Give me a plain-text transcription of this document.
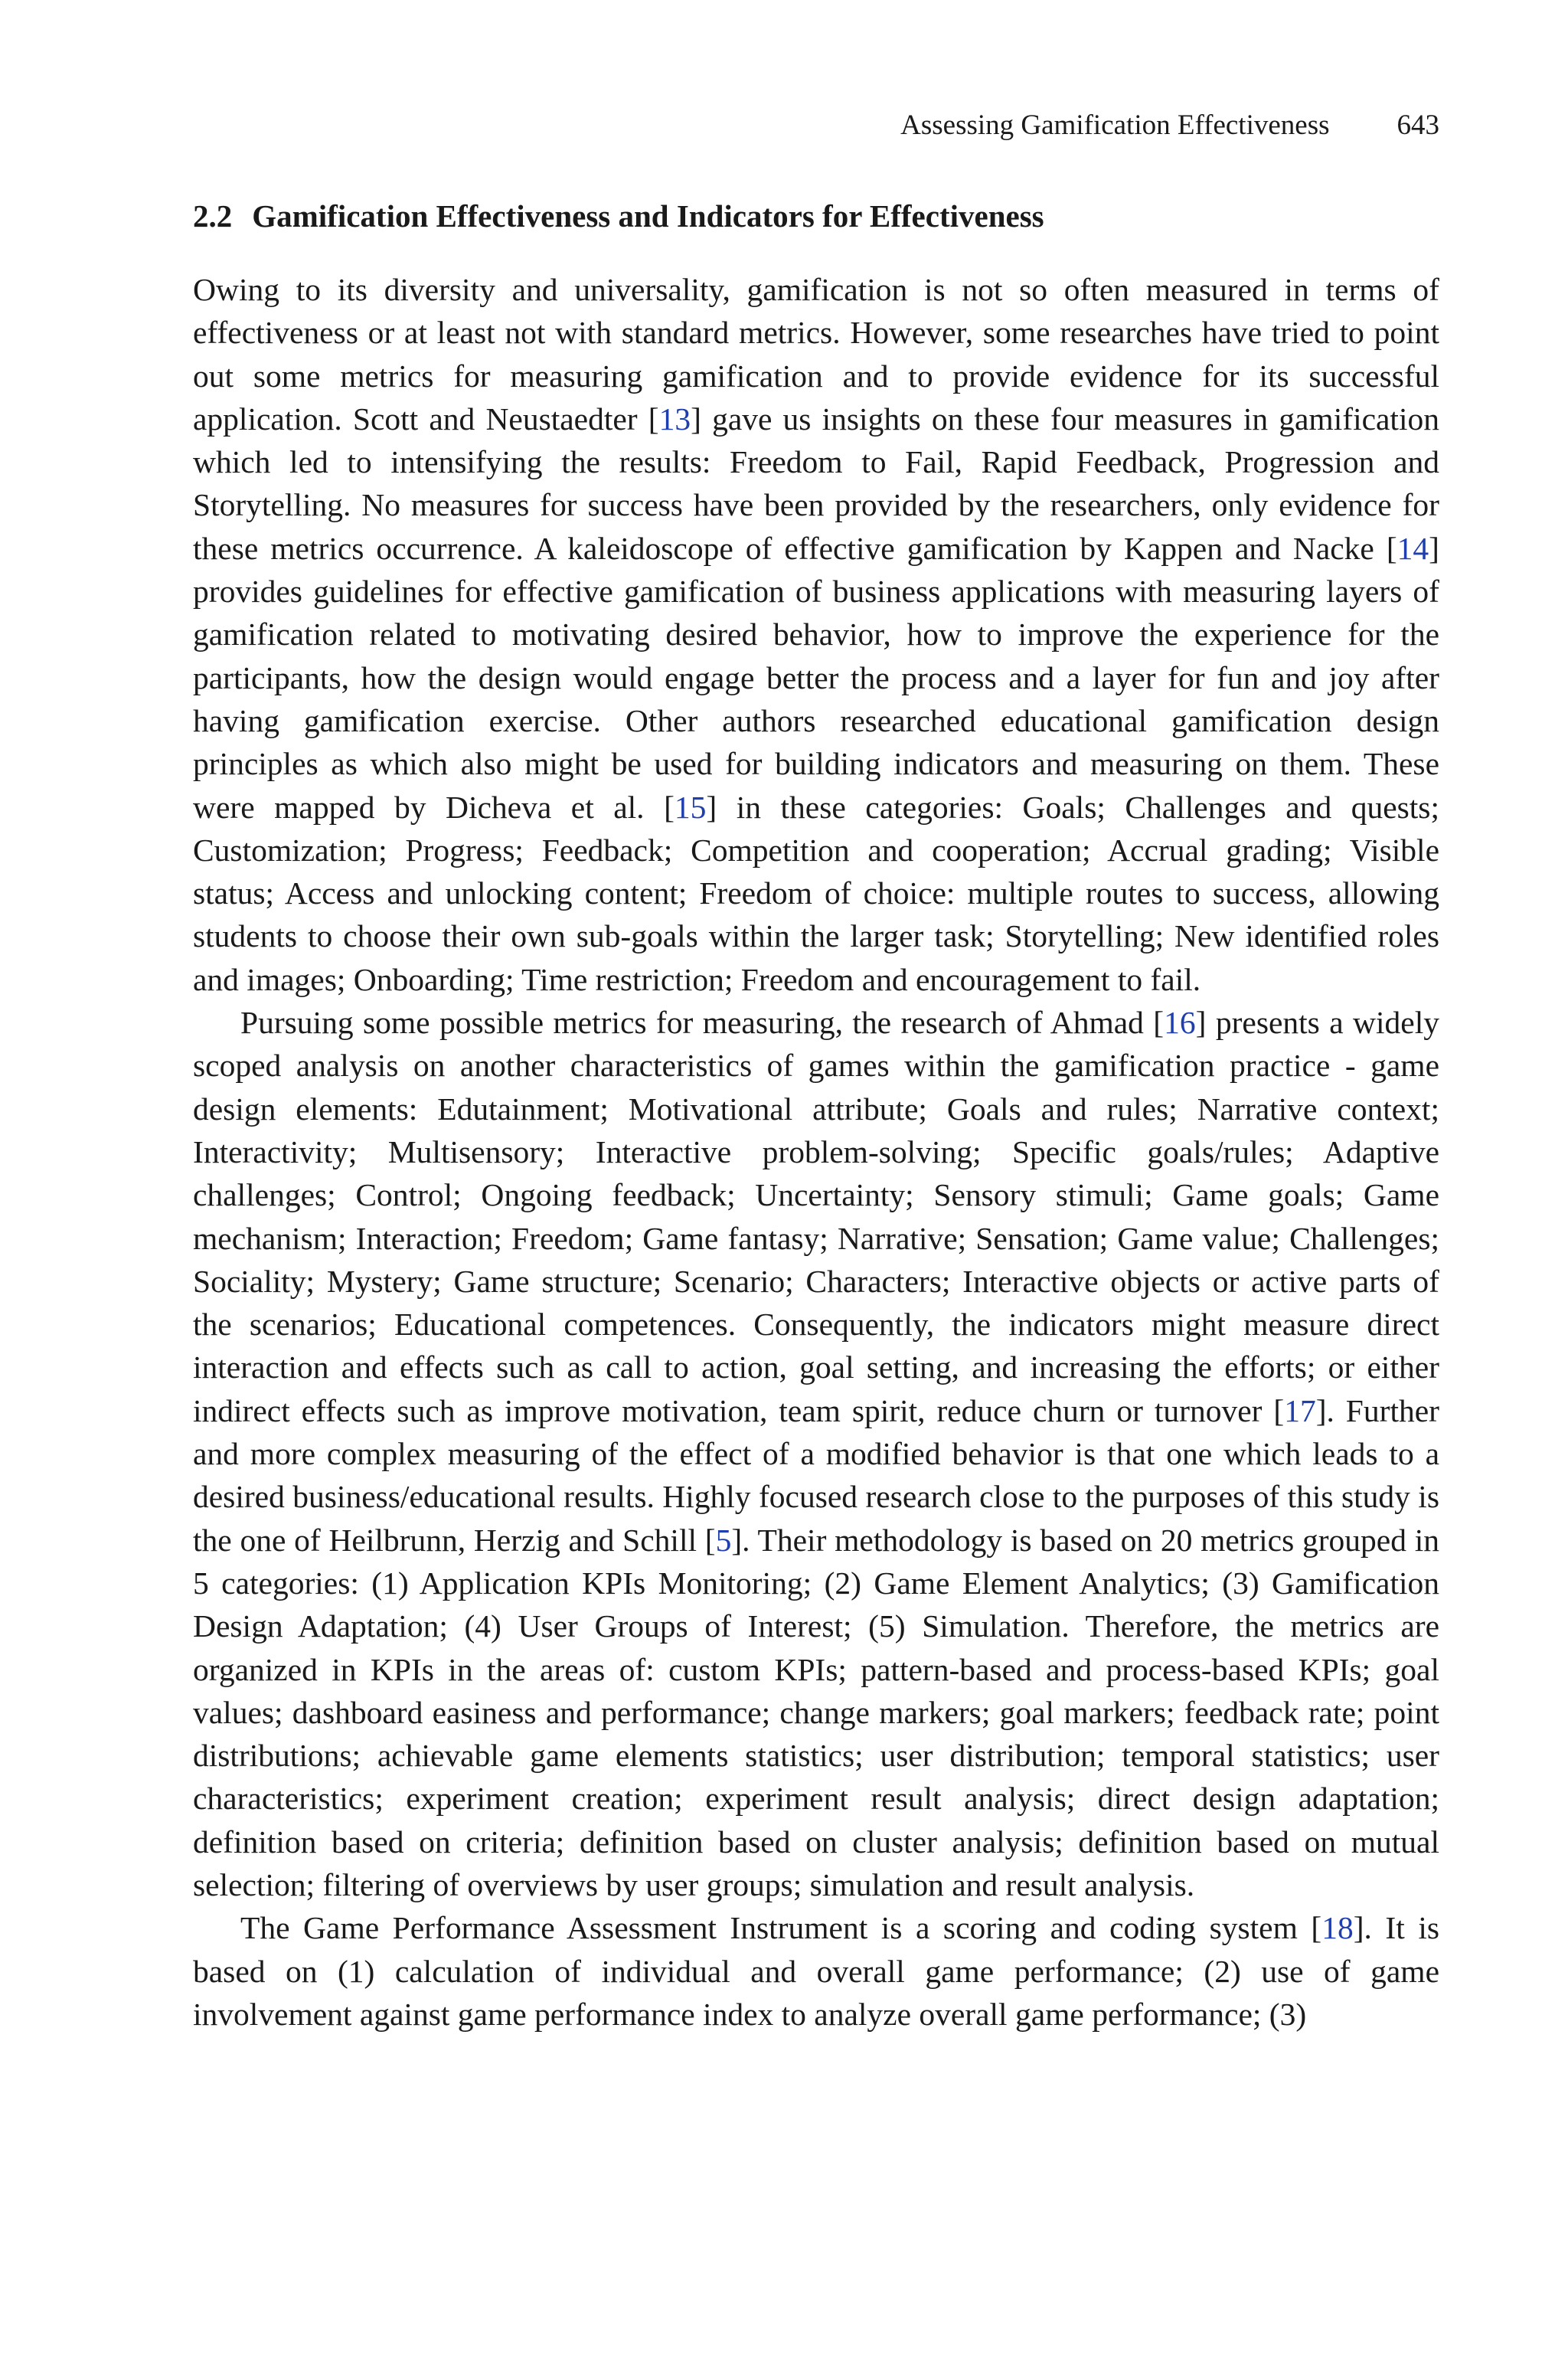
Assessing Gamification Effectiveness 643
2.2 Gamification Effectiveness and Indicators for Effectiveness

Owing to its diversity and universality, gamification is not so often measured in terms of effectiveness or at least not with standard metrics. However, some researches have tried to point out some metrics for measuring gamification and to provide evidence for its successful application. Scott and Neustaedter [13] gave us insights on these four measures in gamification which led to intensifying the results: Freedom to Fail, Rapid Feedback, Progression and Storytelling. No measures for success have been provided by the researchers, only evidence for these metrics occurrence. A kaleidoscope of effective gamification by Kappen and Nacke [14] provides guidelines for effective gamification of business applications with measuring layers of gamification related to motivating desired behavior, how to improve the experience for the participants, how the design would engage better the process and a layer for fun and joy after having gamification exercise. Other authors researched educational gamification design principles as which also might be used for building indicators and measuring on them. These were mapped by Dicheva et al. [15] in these categories: Goals; Challenges and quests; Customization; Progress; Feedback; Competition and cooperation; Accrual grading; Visible status; Access and unlocking content; Freedom of choice: multiple routes to success, allowing students to choose their own sub-goals within the larger task; Storytelling; New identified roles and images; Onboarding; Time restriction; Freedom and encouragement to fail.

Pursuing some possible metrics for measuring, the research of Ahmad [16] presents a widely scoped analysis on another characteristics of games within the gamification practice - game design elements: Edutainment; Motivational attribute; Goals and rules; Narrative context; Interactivity; Multisensory; Interactive problem-solving; Specific goals/rules; Adaptive challenges; Control; Ongoing feedback; Uncertainty; Sensory stimuli; Game goals; Game mechanism; Interaction; Freedom; Game fantasy; Narrative; Sensation; Game value; Challenges; Sociality; Mystery; Game structure; Scenario; Characters; Interactive objects or active parts of the scenarios; Educational competences. Consequently, the indicators might measure direct interaction and effects such as call to action, goal setting, and increasing the efforts; or either indirect effects such as improve motivation, team spirit, reduce churn or turnover [17]. Further and more complex measuring of the effect of a modified behavior is that one which leads to a desired business/educational results. Highly focused research close to the purposes of this study is the one of Heilbrunn, Herzig and Schill [5]. Their methodology is based on 20 metrics grouped in 5 categories: (1) Application KPIs Monitoring; (2) Game Element Analytics; (3) Gamification Design Adaptation; (4) User Groups of Interest; (5) Simulation. Therefore, the metrics are organized in KPIs in the areas of: custom KPIs; pattern-based and process-based KPIs; goal values; dashboard easiness and performance; change markers; goal markers; feedback rate; point distributions; achievable game elements statistics; user distribution; temporal statistics; user characteristics; experiment creation; experiment result analysis; direct design adaptation; definition based on criteria; definition based on cluster analysis; definition based on mutual selection; filtering of overviews by user groups; simulation and result analysis.

The Game Performance Assessment Instrument is a scoring and coding system [18]. It is based on (1) calculation of individual and overall game performance; (2) use of game involvement against game performance index to analyze overall game performance; (3)
